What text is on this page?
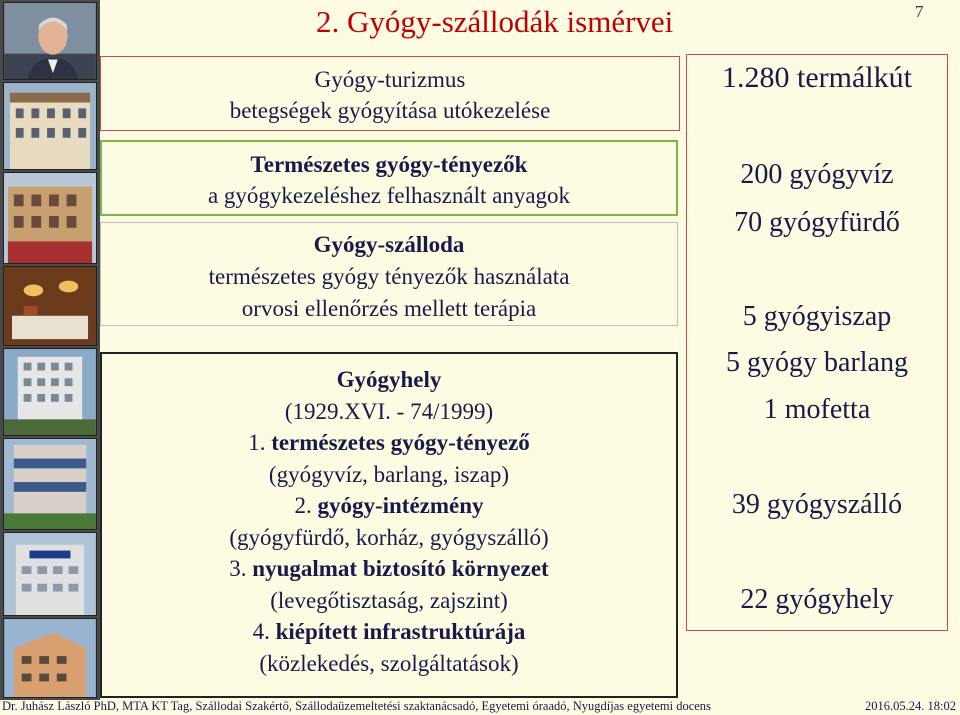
2. Gyógy-szállodák ismérvei	7
Gyógy-turizmus
betegségek gyógyítása utókezelése
Természetes gyógy-tényezők
a gyógykezeléshez felhasznált anyagok
Gyógy-szálloda
természetes gyógy tényezők használata
orvosi ellenőrzés mellett terápia
Gyógyhely
(1929.XVI. - 74/1999)
1. természetes gyógy-tényező
(gyógyvíz, barlang, iszap)
2. gyógy-intézmény
(gyógyfürdő, korház, gyógyszálló)
3. nyugalmat biztosító környezet
(levegőtisztaság, zajszint)
4. kiépített infrastruktúrája
(közlekedés, szolgáltatások)
1.280 termálkút
200 gyógyvíz
70 gyógyfürdő
5 gyógyiszap
5 gyógy barlang
1 mofetta
39 gyógyszálló
22 gyógyhely
Dr. Juhász László PhD, MTA KT Tag, Szállodai Szakértő, Szállodaüzemeltetési szaktanácsadó, Egyetemi óraadó, Nyugdíjas egyetemi docens	2016.05.24. 18:02
